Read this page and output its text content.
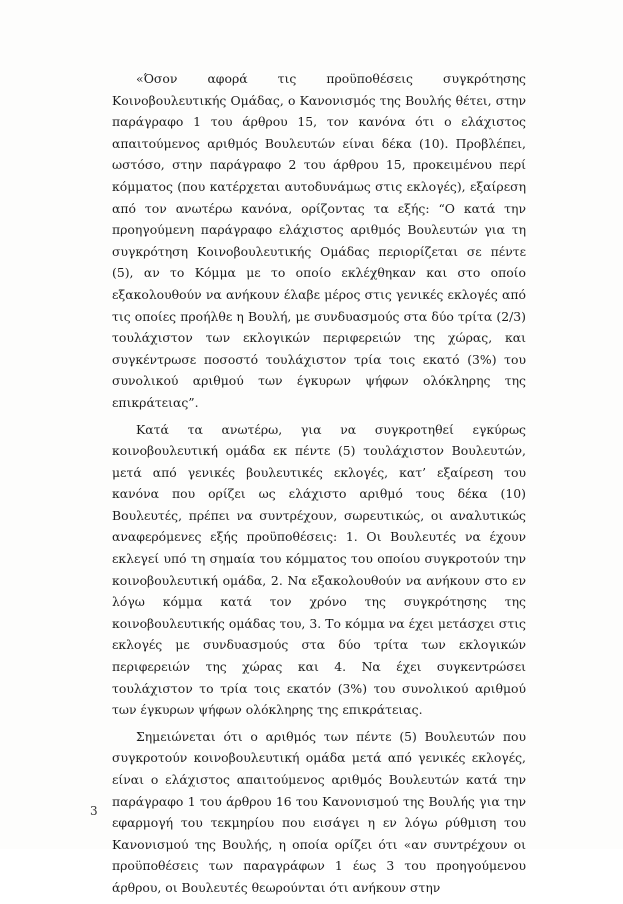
«Όσον αφορά τις προϋποθέσεις συγκρότησης Κοινοβουλευτικής Ομάδας, ο Κανονισμός της Βουλής θέτει, στην παράγραφο 1 του άρθρου 15, τον κανόνα ότι ο ελάχιστος απαιτούμενος αριθμός Βουλευτών είναι δέκα (10). Προβλέπει, ωστόσο, στην παράγραφο 2 του άρθρου 15, προκειμένου περί κόμματος (που κατέρχεται αυτοδυνάμως στις εκλογές), εξαίρεση από τον ανωτέρω κανόνα, ορίζοντας τα εξής: “Ο κατά την προηγούμενη παράγραφο ελάχιστος αριθμός Βουλευτών για τη συγκρότηση Κοινοβουλευτικής Ομάδας περιορίζεται σε πέντε (5), αν το Κόμμα με το οποίο εκλέχθηκαν και στο οποίο εξακολουθούν να ανήκουν έλαβε μέρος στις γενικές εκλογές από τις οποίες προήλθε η Βουλή, με συνδυασμούς στα δύο τρίτα (2/3) τουλάχιστον των εκλογικών περιφερειών της χώρας, και συγκέντρωσε ποσοστό τουλάχιστον τρία τοις εκατό (3%) του συνολικού αριθμού των έγκυρων ψήφων ολόκληρης της επικράτειας”.

Κατά τα ανωτέρω, για να συγκροτηθεί εγκύρως κοινοβουλευτική ομάδα εκ πέντε (5) τουλάχιστον Βουλευτών, μετά από γενικές βουλευτικές εκλογές, κατ’ εξαίρεση του κανόνα που ορίζει ως ελάχιστο αριθμό τους δέκα (10) Βουλευτές, πρέπει να συντρέχουν, σωρευτικώς, οι αναλυτικώς αναφερόμενες εξής προϋποθέσεις: 1. Οι Βουλευτές να έχουν εκλεγεί υπό τη σημαία του κόμματος του οποίου συγκροτούν την κοινοβουλευτική ομάδα, 2. Να εξακολουθούν να ανήκουν στο εν λόγω κόμμα κατά τον χρόνο της συγκρότησης της κοινοβουλευτικής ομάδας του, 3. Το κόμμα να έχει μετάσχει στις εκλογές με συνδυασμούς στα δύο τρίτα των εκλογικών περιφερειών της χώρας και 4. Να έχει συγκεντρώσει τουλάχιστον το τρία τοις εκατόν (3%) του συνολικού αριθμού των έγκυρων ψήφων ολόκληρης της επικράτειας.

Σημειώνεται ότι ο αριθμός των πέντε (5) Βουλευτών που συγκροτούν κοινοβουλευτική ομάδα μετά από γενικές εκλογές, είναι ο ελάχιστος απαιτούμενος αριθμός Βουλευτών κατά την παράγραφο 1 του άρθρου 16 του Κανονισμού της Βουλής για την εφαρμογή του τεκμηρίου που εισάγει η εν λόγω ρύθμιση του Κανονισμού της Βουλής, η οποία ορίζει ότι «αν συντρέχουν οι προϋποθέσεις των παραγράφων 1 έως 3 του προηγούμενου άρθρου, οι Βουλευτές θεωρούνται ότι ανήκουν στην

3
